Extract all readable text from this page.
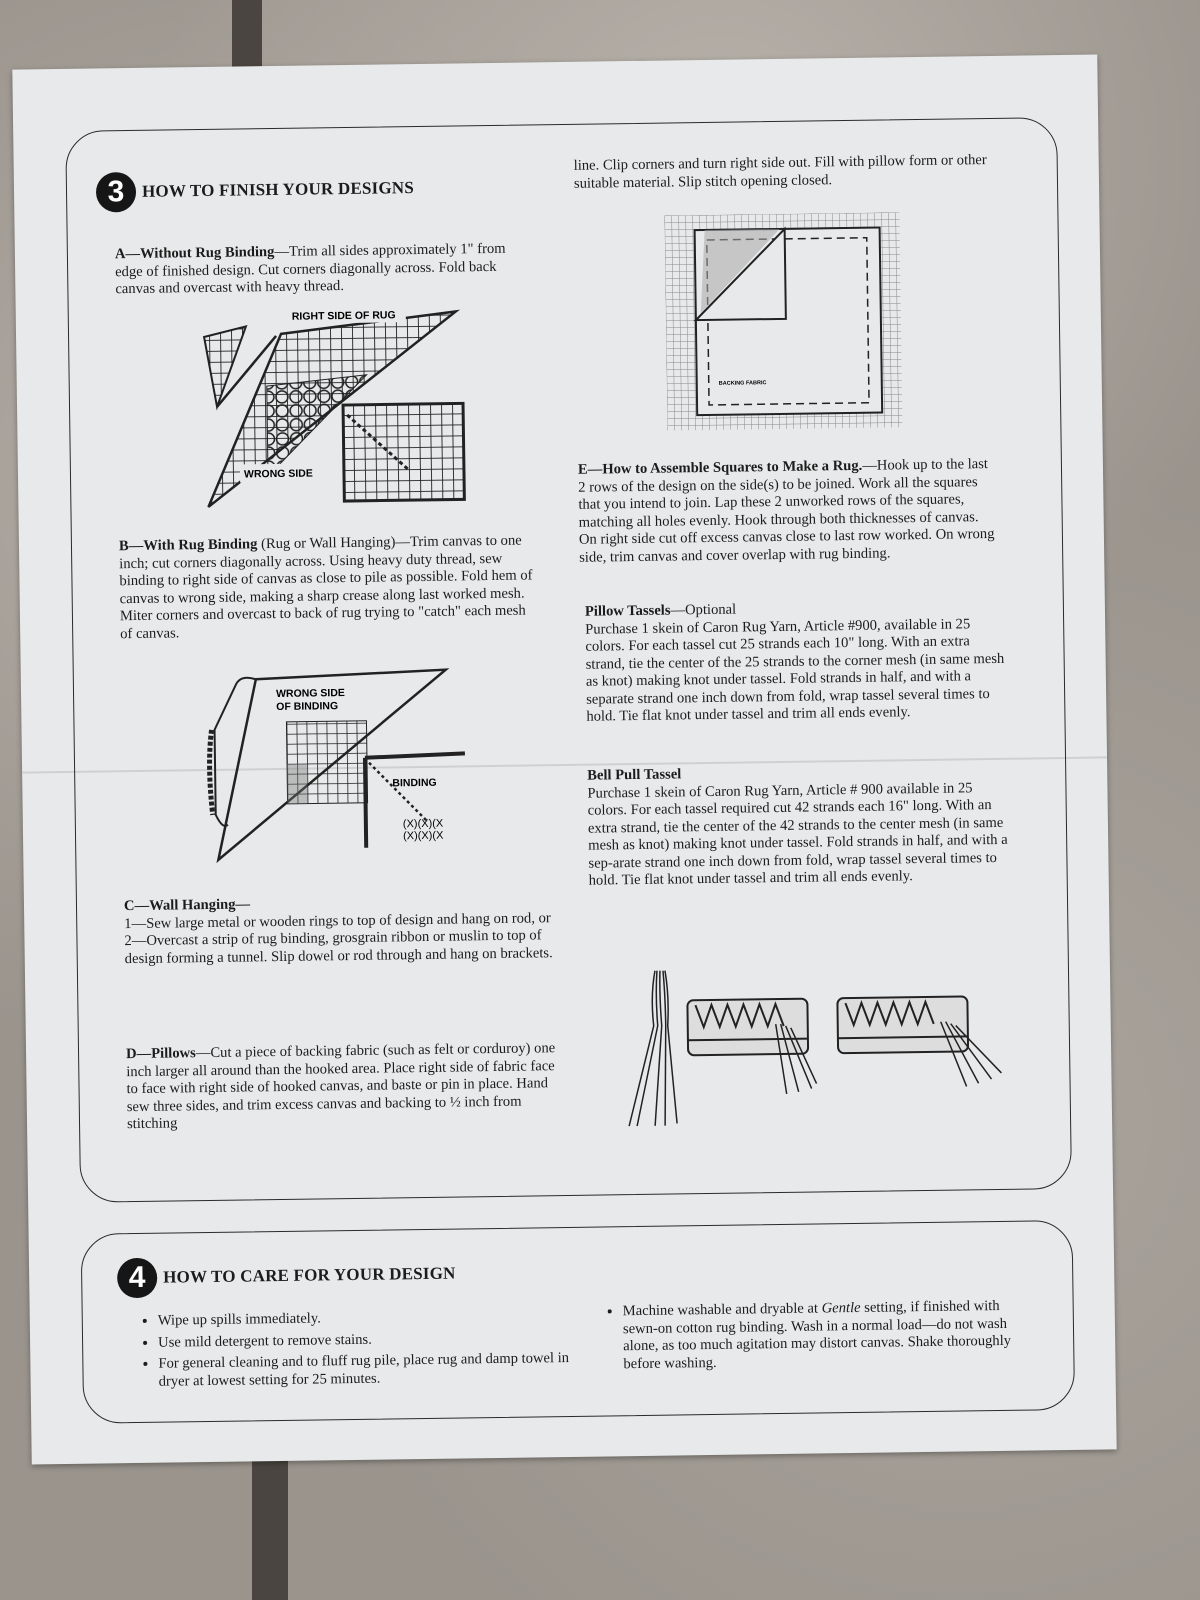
3 HOW TO FINISH YOUR DESIGNS
A—Without Rug Binding—Trim all sides approximately 1" from edge of finished design. Cut corners diagonally across. Fold back canvas and overcast with heavy thread.
RIGHT SIDE OF RUG
WRONG SIDE
B—With Rug Binding (Rug or Wall Hanging)—Trim canvas to one inch; cut corners diagonally across. Using heavy duty thread, sew binding to right side of canvas as close to pile as possible. Fold hem of canvas to wrong side, making a sharp crease along last worked mesh. Miter corners and overcast to back of rug trying to "catch" each mesh of canvas.
WRONG SIDE
OF BINDING
BINDING
(X)(X)(X
(X)(X)(X
C—Wall Hanging—
1—Sew large metal or wooden rings to top of design and hang on rod, or
2—Overcast a strip of rug binding, grosgrain ribbon or muslin to top of design forming a tunnel. Slip dowel or rod through and hang on brackets.
D—Pillows—Cut a piece of backing fabric (such as felt or corduroy) one inch larger all around than the hooked area. Place right side of fabric face to face with right side of hooked canvas, and baste or pin in place. Hand sew three sides, and trim excess canvas and backing to ½ inch from stitching
line. Clip corners and turn right side out. Fill with pillow form or other suitable material. Slip stitch opening closed.
BACKING FABRIC
E—How to Assemble Squares to Make a Rug.—Hook up to the last 2 rows of the design on the side(s) to be joined. Work all the squares that you intend to join. Lap these 2 unworked rows of the squares, matching all holes evenly. Hook through both thicknesses of canvas. On right side cut off excess canvas close to last row worked. On wrong side, trim canvas and cover overlap with rug binding.
Pillow Tassels—Optional
Purchase 1 skein of Caron Rug Yarn, Article #900, available in 25 colors. For each tassel cut 25 strands each 10" long. With an extra strand, tie the center of the 25 strands to the corner mesh (in same mesh as knot) making knot under tassel. Fold strands in half, and with a separate strand one inch down from fold, wrap tassel several times to hold. Tie flat knot under tassel and trim all ends evenly.
Bell Pull Tassel
Purchase 1 skein of Caron Rug Yarn, Article # 900 available in 25 colors. For each tassel required cut 42 strands each 16" long. With an extra strand, tie the center of the 42 strands to the center mesh (in same mesh as knot) making knot under tassel. Fold strands in half, and with a sep-arate strand one inch down from fold, wrap tassel several times to hold. Tie flat knot under tassel and trim all ends evenly.
4 HOW TO CARE FOR YOUR DESIGN
• Wipe up spills immediately.
• Use mild detergent to remove stains.
• For general cleaning and to fluff rug pile, place rug and damp towel in dryer at lowest setting for 25 minutes.
• Machine washable and dryable at Gentle setting, if finished with sewn-on cotton rug binding. Wash in a normal load—do not wash alone, as too much agitation may distort canvas. Shake thoroughly before washing.
